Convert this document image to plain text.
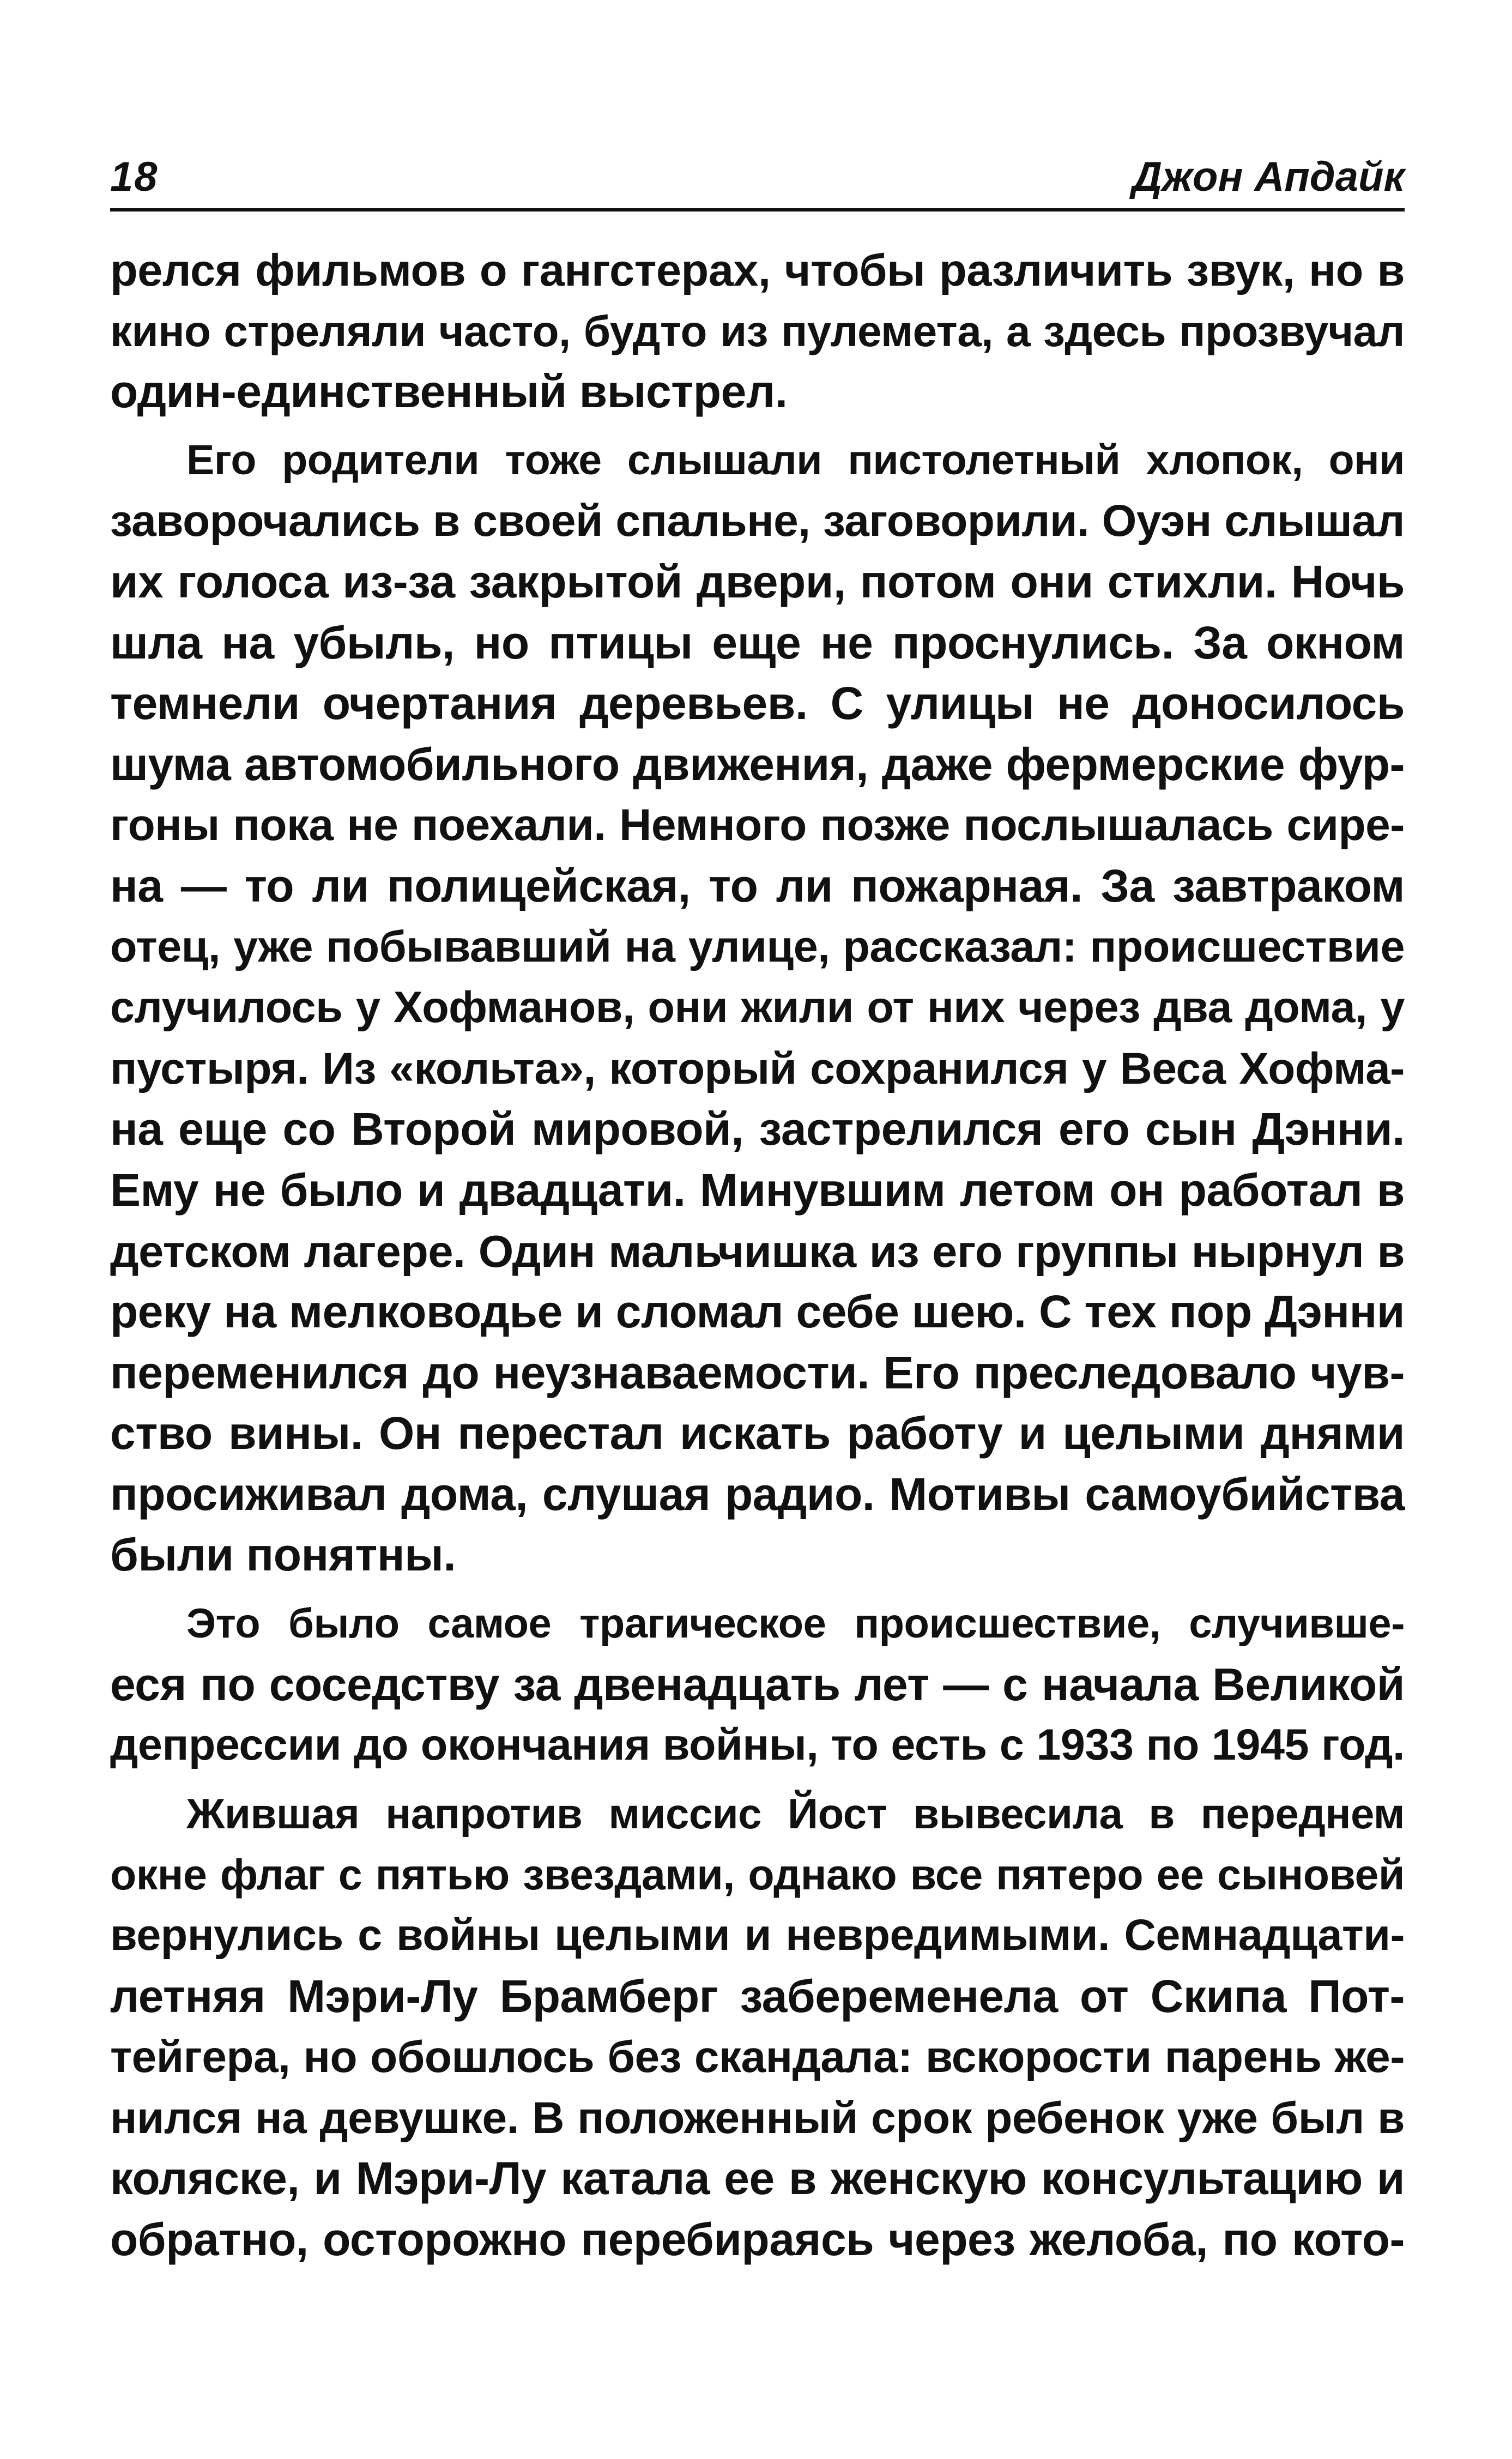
18	Джон Апдайк
релся фильмов о гангстерах, чтобы различить звук, но в
кино стреляли часто, будто из пулемета, а здесь прозвучал
один-единственный выстрел.
Его родители тоже слышали пистолетный хлопок, они
заворочались в своей спальне, заговорили. Оуэн слышал
их голоса из-за закрытой двери, потом они стихли. Ночь
шла на убыль, но птицы еще не проснулись. За окном
темнели очертания деревьев. С улицы не доносилось
шума автомобильного движения, даже фермерские фур-
гоны пока не поехали. Немного позже послышалась сире-
на — то ли полицейская, то ли пожарная. За завтраком
отец, уже побывавший на улице, рассказал: происшествие
случилось у Хофманов, они жили от них через два дома, у
пустыря. Из «кольта», который сохранился у Веса Хофма-
на еще со Второй мировой, застрелился его сын Дэнни.
Ему не было и двадцати. Минувшим летом он работал в
детском лагере. Один мальчишка из его группы нырнул в
реку на мелководье и сломал себе шею. С тех пор Дэнни
переменился до неузнаваемости. Его преследовало чув-
ство вины. Он перестал искать работу и целыми днями
просиживал дома, слушая радио. Мотивы самоубийства
были понятны.
Это было самое трагическое происшествие, случивше-
еся по соседству за двенадцать лет — с начала Великой
депрессии до окончания войны, то есть с 1933 по 1945 год.
Жившая напротив миссис Йост вывесила в переднем
окне флаг с пятью звездами, однако все пятеро ее сыновей
вернулись с войны целыми и невредимыми. Семнадцати-
летняя Мэри-Лу Брамберг забеременела от Скипа Пот-
тейгера, но обошлось без скандала: вскорости парень же-
нился на девушке. В положенный срок ребенок уже был в
коляске, и Мэри-Лу катала ее в женскую консультацию и
обратно, осторожно перебираясь через желоба, по кото-
